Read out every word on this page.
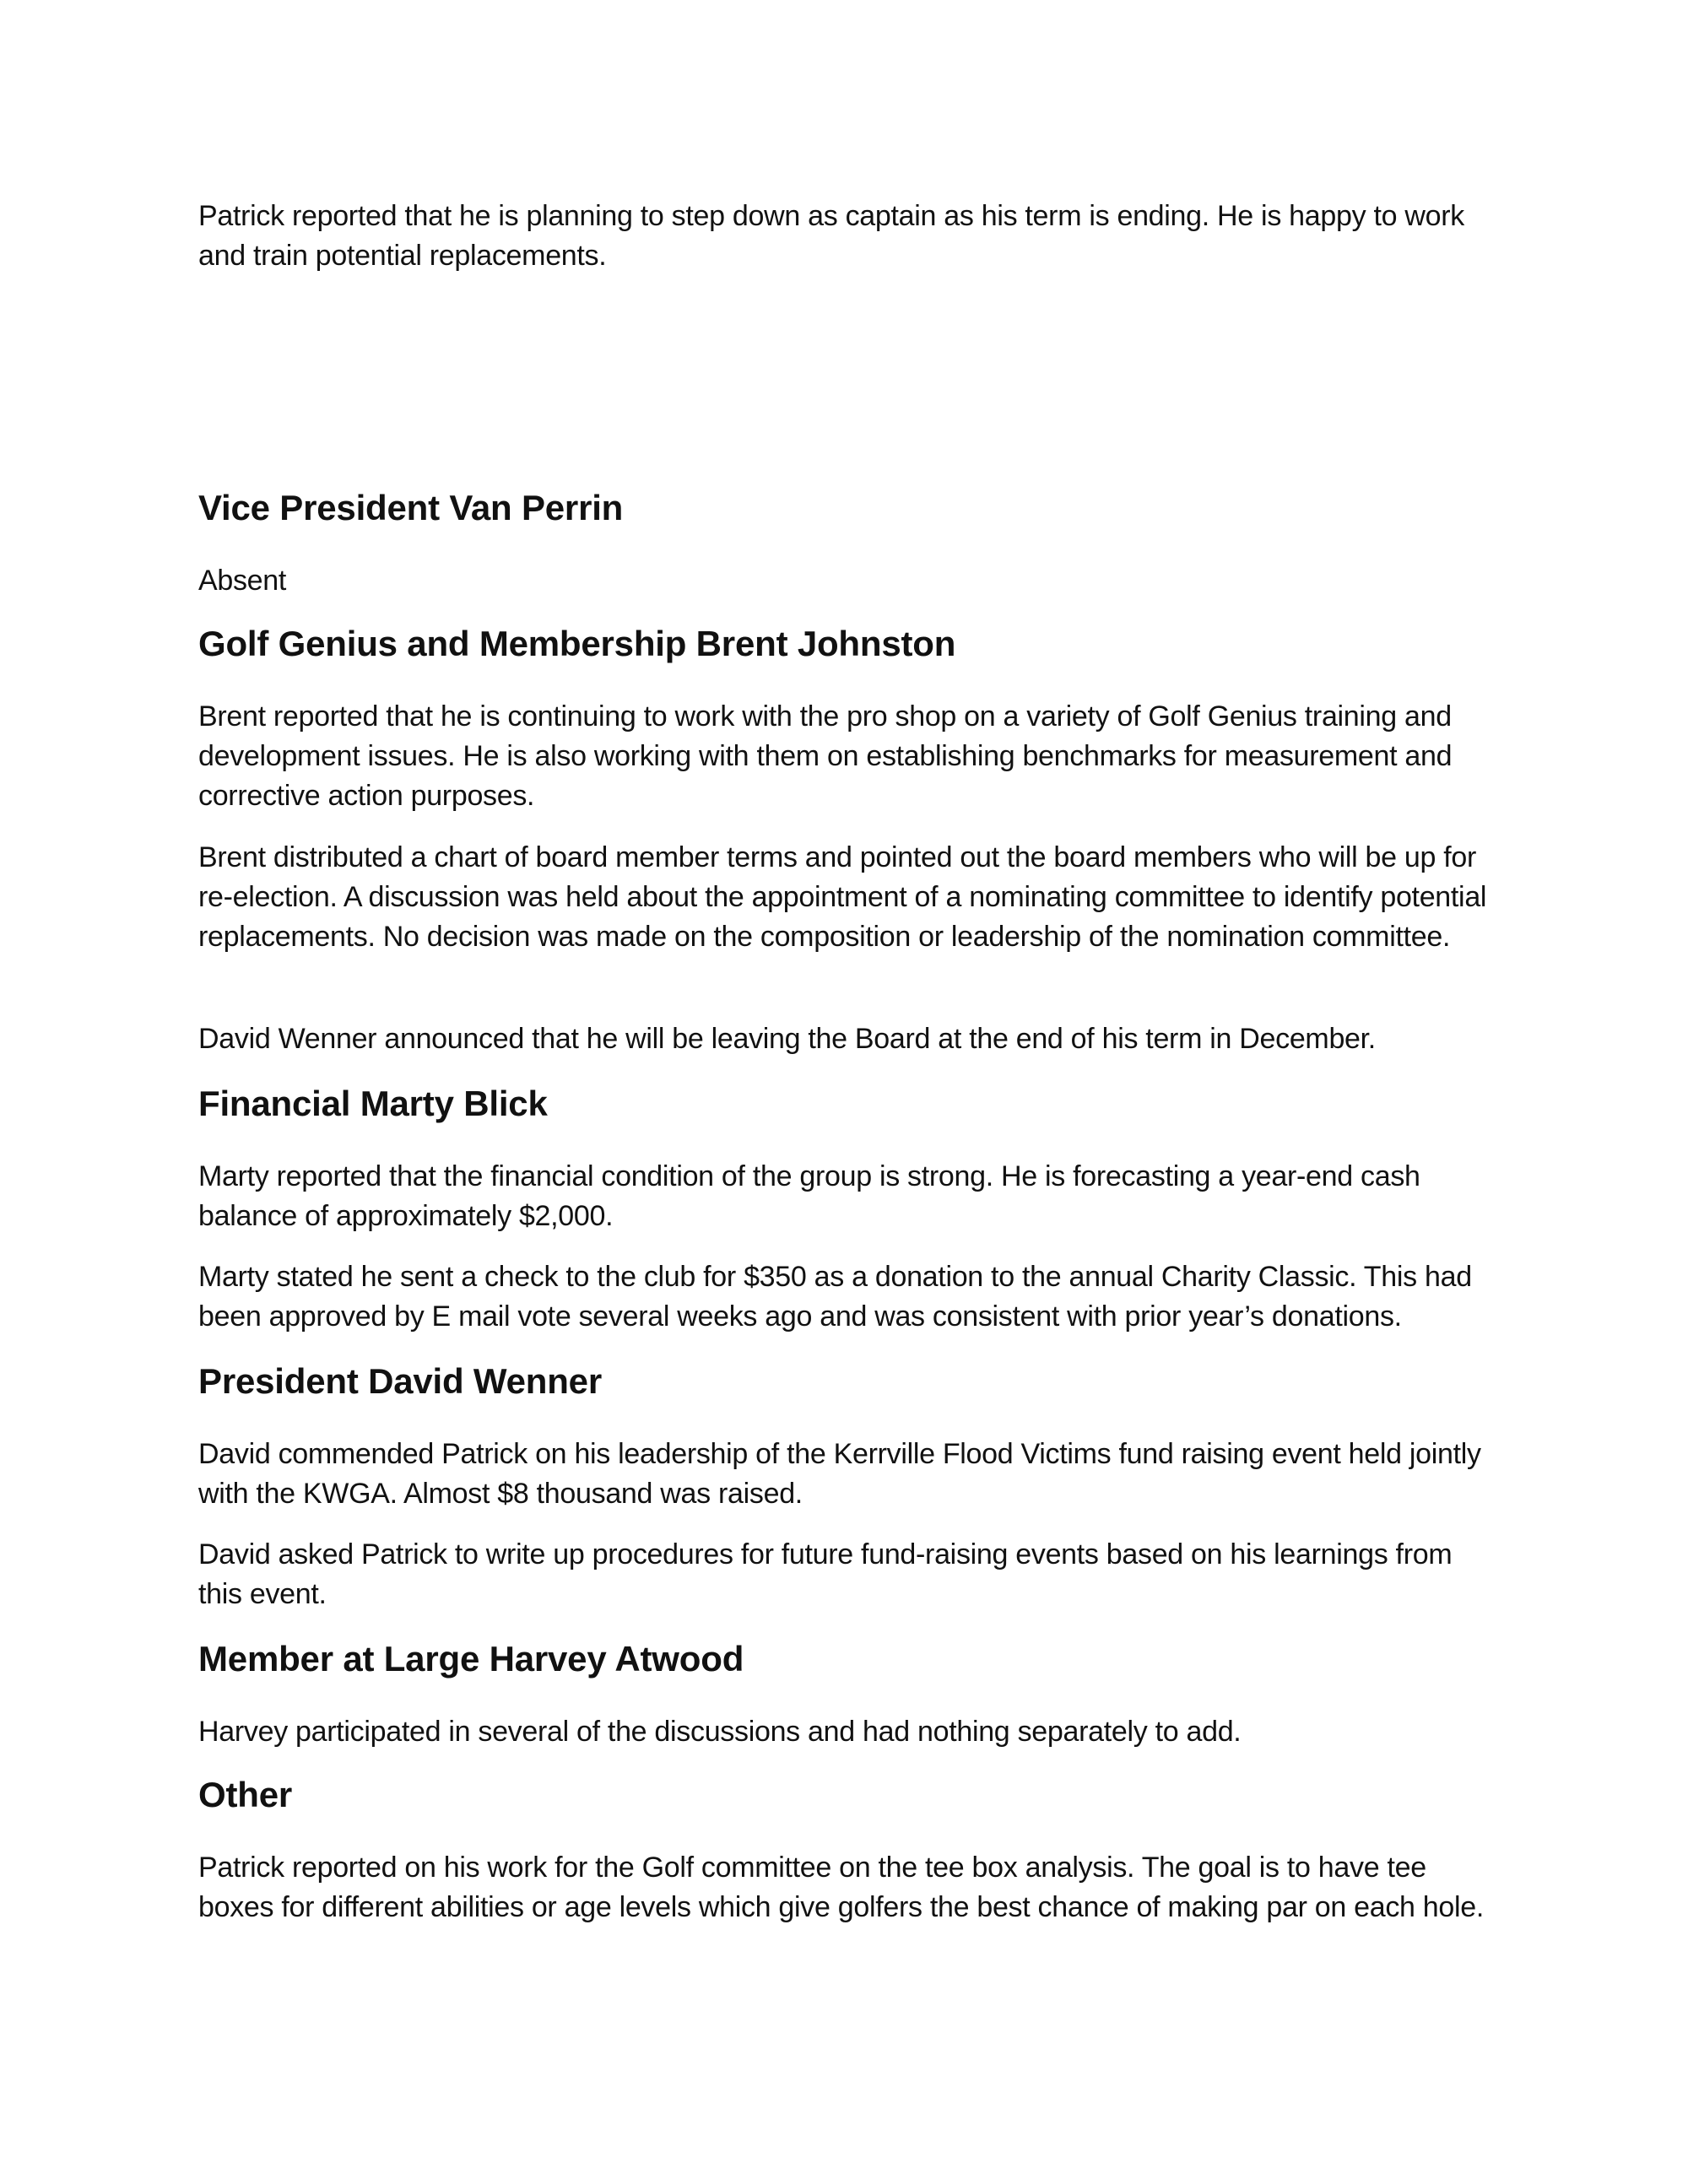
Patrick reported that he is planning to step down as captain as his term is ending. He is happy to work and train potential replacements.

Vice President Van Perrin

Absent

Golf Genius and Membership Brent Johnston

Brent reported that he is continuing to work with the pro shop on a variety of Golf Genius training and development issues. He is also working with them on establishing benchmarks for measurement and corrective action purposes.

Brent distributed a chart of board member terms and pointed out the board members who will be up for re-election. A discussion was held about the appointment of a nominating committee to identify potential replacements. No decision was made on the composition or leadership of the nomination committee.

David Wenner announced that he will be leaving the Board at the end of his term in December.

Financial Marty Blick

Marty reported that the financial condition of the group is strong. He is forecasting a year-end cash balance of approximately $2,000.

Marty stated he sent a check to the club for $350 as a donation to the annual Charity Classic. This had been approved by E mail vote several weeks ago and was consistent with prior year’s donations.

President David Wenner

David commended Patrick on his leadership of the Kerrville Flood Victims fund raising event held jointly with the KWGA. Almost $8 thousand was raised.

David asked Patrick to write up procedures for future fund-raising events based on his learnings from this event.

Member at Large Harvey Atwood

Harvey participated in several of the discussions and had nothing separately to add.

Other

Patrick reported on his work for the Golf committee on the tee box analysis. The goal is to have tee boxes for different abilities or age levels which give golfers the best chance of making par on each hole.
